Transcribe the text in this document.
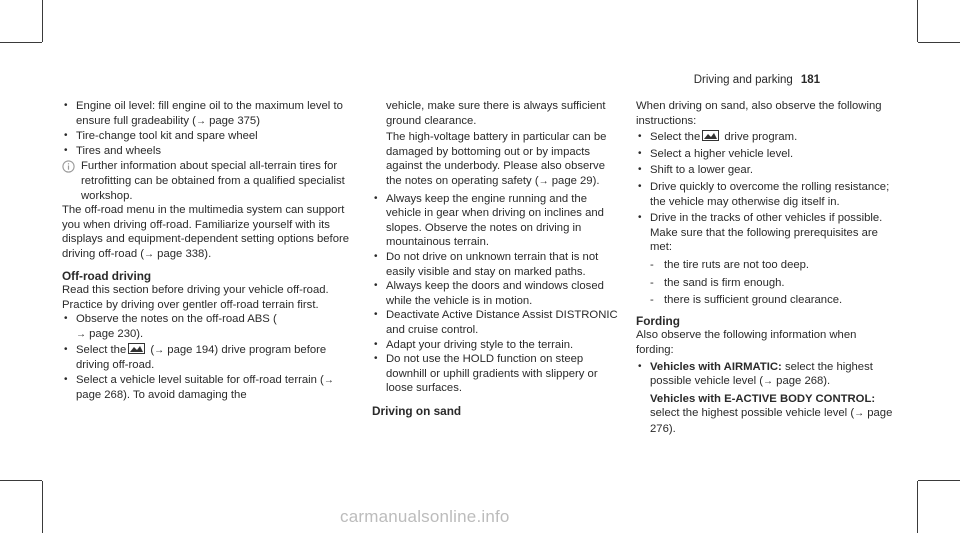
Driving and parking 181

• Engine oil level: fill engine oil to the maximum level to ensure full gradeability (→ page 375)

• Tire-change tool kit and spare wheel

• Tires and wheels

Further information about special all-terrain tires for retrofitting can be obtained from a qualified specialist workshop.

The off-road menu in the multimedia system can support you when driving off-road. Familiarize yourself with its displays and equipment-dependent setting options before driving off-road (→ page 338).

Off-road driving

Read this section before driving your vehicle off-road. Practice by driving over gentler off-road terrain first.

• Observe the notes on the off-road ABS (
→ page 230).

• Select the (→ page 194) drive program before driving off-road.

• Select a vehicle level suitable for off-road terrain (→ page 268). To avoid damaging the

vehicle, make sure there is always sufficient ground clearance.

The high-voltage battery in particular can be damaged by bottoming out or by impacts against the underbody. Please also observe the notes on operating safety (→ page 29).

• Always keep the engine running and the vehicle in gear when driving on inclines and slopes. Observe the notes on driving in mountainous terrain.

• Do not drive on unknown terrain that is not easily visible and stay on marked paths.

• Always keep the doors and windows closed while the vehicle is in motion.

• Deactivate Active Distance Assist DISTRONIC and cruise control.

• Adapt your driving style to the terrain.

• Do not use the HOLD function on steep downhill or uphill gradients with slippery or loose surfaces.

Driving on sand

When driving on sand, also observe the following instructions:

• Select the drive program.

• Select a higher vehicle level.

• Shift to a lower gear.

• Drive quickly to overcome the rolling resistance; the vehicle may otherwise dig itself in.

• Drive in the tracks of other vehicles if possible. Make sure that the following prerequisites are met:

- the tire ruts are not too deep.

- the sand is firm enough.

- there is sufficient ground clearance.

Fording

Also observe the following information when fording:

• Vehicles with AIRMATIC: select the highest possible vehicle level (→ page 268).

Vehicles with E-ACTIVE BODY CONTROL:
select the highest possible vehicle level (→ page 276).

carmanualsonline.info
